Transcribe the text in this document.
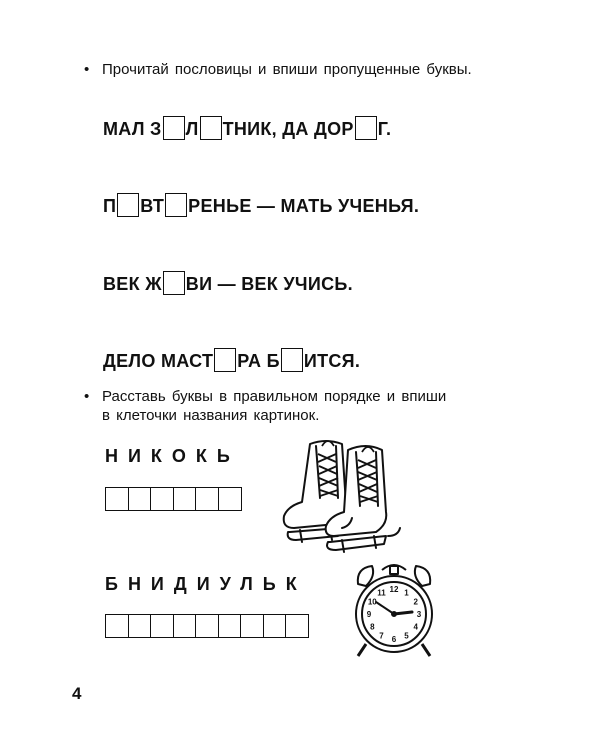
• Прочитай пословицы и впиши пропущенные буквы.
МАЛ З Л ТНИК, ДА ДОР Г.
П ВТ РЕНЬЕ — МАТЬ УЧЕНЬЯ.
ВЕК Ж ВИ — ВЕК УЧИСЬ.
ДЕЛО МАСТ РА Б ИТСЯ.
• Расставь буквы в правильном порядке и впиши
в клеточки названия картинок.
НИКОКЬ
БНИДИУЛЬК	12 1
2
3
4
5
6
7
8
9
10
11
4
